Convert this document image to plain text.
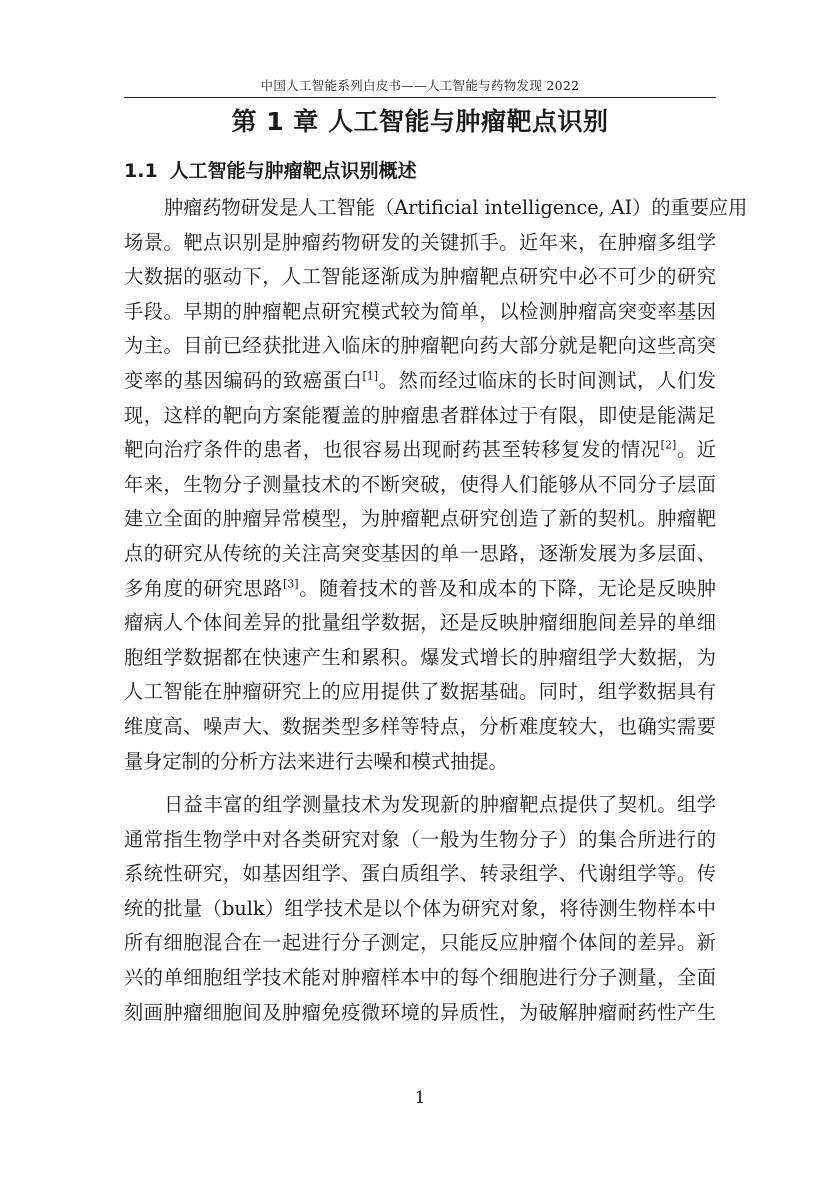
中国人工智能系列白皮书——人工智能与药物发现 2022
第 1 章 人工智能与肿瘤靶点识别
1.1 人工智能与肿瘤靶点识别概述
肿瘤药物研发是人工智能（Artificial intelligence, AI）的重要应用
场景。靶点识别是肿瘤药物研发的关键抓手。近年来，在肿瘤多组学
大数据的驱动下，人工智能逐渐成为肿瘤靶点研究中必不可少的研究
手段。早期的肿瘤靶点研究模式较为简单，以检测肿瘤高突变率基因
为主。目前已经获批进入临床的肿瘤靶向药大部分就是靶向这些高突
变率的基因编码的致癌蛋白[1]。然而经过临床的长时间测试，人们发
现，这样的靶向方案能覆盖的肿瘤患者群体过于有限，即使是能满足
靶向治疗条件的患者，也很容易出现耐药甚至转移复发的情况[2]。近
年来，生物分子测量技术的不断突破，使得人们能够从不同分子层面
建立全面的肿瘤异常模型，为肿瘤靶点研究创造了新的契机。肿瘤靶
点的研究从传统的关注高突变基因的单一思路，逐渐发展为多层面、
多角度的研究思路[3]。随着技术的普及和成本的下降，无论是反映肿
瘤病人个体间差异的批量组学数据，还是反映肿瘤细胞间差异的单细
胞组学数据都在快速产生和累积。爆发式增长的肿瘤组学大数据，为
人工智能在肿瘤研究上的应用提供了数据基础。同时，组学数据具有
维度高、噪声大、数据类型多样等特点，分析难度较大，也确实需要
量身定制的分析方法来进行去噪和模式抽提。
日益丰富的组学测量技术为发现新的肿瘤靶点提供了契机。组学
通常指生物学中对各类研究对象（一般为生物分子）的集合所进行的
系统性研究，如基因组学、蛋白质组学、转录组学、代谢组学等。传
统的批量（bulk）组学技术是以个体为研究对象，将待测生物样本中
所有细胞混合在一起进行分子测定，只能反应肿瘤个体间的差异。新
兴的单细胞组学技术能对肿瘤样本中的每个细胞进行分子测量，全面
刻画肿瘤细胞间及肿瘤免疫微环境的异质性，为破解肿瘤耐药性产生
1
